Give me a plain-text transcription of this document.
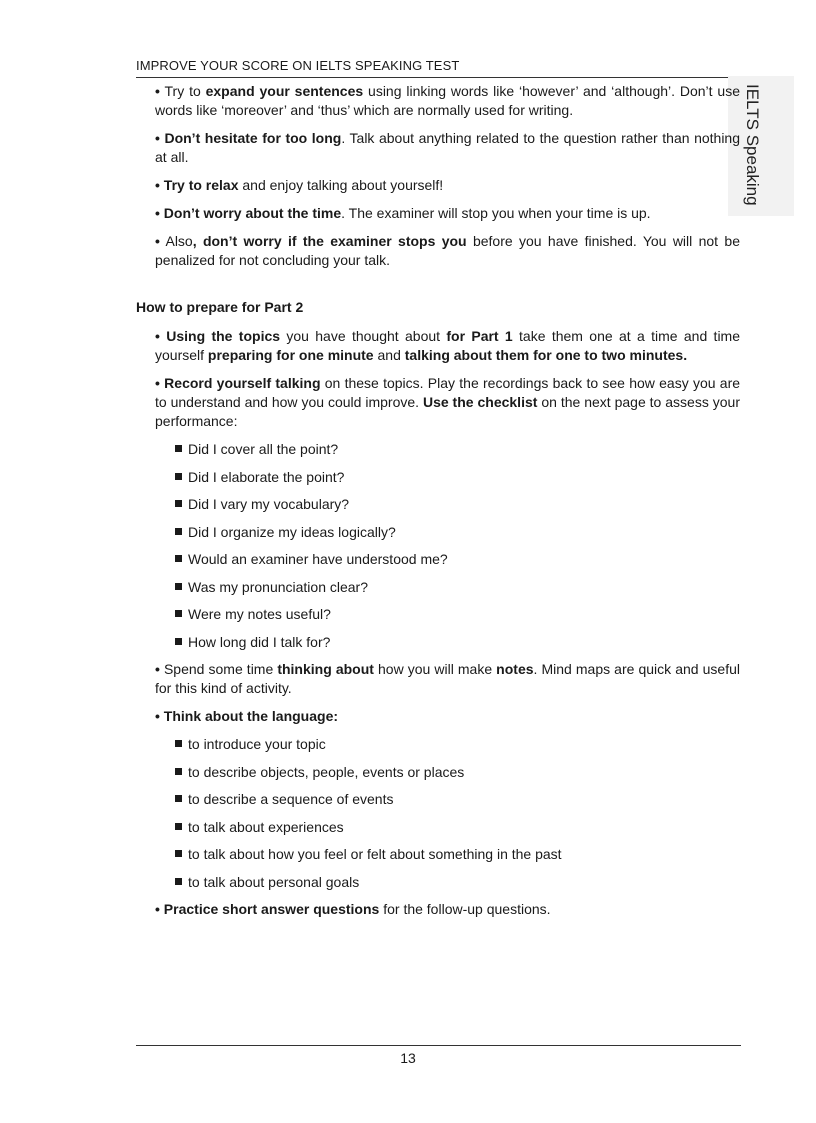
IMPROVE YOUR SCORE ON IELTS SPEAKING TEST
IELTS Speaking
• Try to expand your sentences using linking words like ‘however’ and ‘although’. Don’t use words like ‘moreover’ and ‘thus’ which are normally used for writing.
• Don’t hesitate for too long. Talk about anything related to the question rather than nothing at all.
• Try to relax and enjoy talking about yourself!
• Don’t worry about the time. The examiner will stop you when your time is up.
• Also, don’t worry if the examiner stops you before you have finished. You will not be penalized for not concluding your talk.
How to prepare for Part 2
• Using the topics you have thought about for Part 1 take them one at a time and time yourself preparing for one minute and talking about them for one to two minutes.
• Record yourself talking on these topics. Play the recordings back to see how easy you are to understand and how you could improve. Use the checklist on the next page to assess your performance:
Did I cover all the point?
Did I elaborate the point?
Did I vary my vocabulary?
Did I organize my ideas logically?
Would an examiner have understood me?
Was my pronunciation clear?
Were my notes useful?
How long did I talk for?
• Spend some time thinking about how you will make notes. Mind maps are quick and useful for this kind of activity.
• Think about the language:
to introduce your topic
to describe objects, people, events or places
to describe a sequence of events
to talk about experiences
to talk about how you feel or felt about something in the past
to talk about personal goals
• Practice short answer questions for the follow-up questions.
13
